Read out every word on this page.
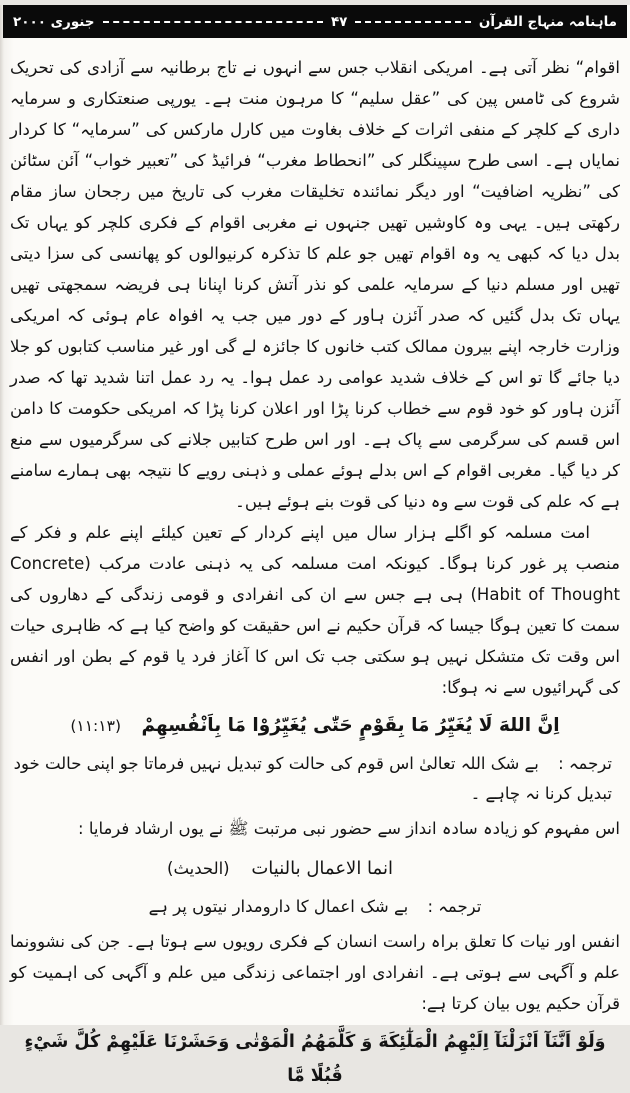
ماہنامہ منہاج القرآن
۴۷
جنوری ۲۰۰۰

اقوام“ نظر آتی ہے۔ امریکی انقلاب جس سے انہوں نے تاج برطانیہ سے آزادی کی تحریک شروع کی ٹامس پین کی ”عقل سلیم“ کا مرہون منت ہے۔ یورپی صنعتکاری و سرمایہ داری کے کلچر کے منفی اثرات کے خلاف بغاوت میں کارل مارکس کی ”سرمایہ“ کا کردار نمایاں ہے۔ اسی طرح سپینگلر کی ”انحطاط مغرب“ فرائیڈ کی ”تعبیر خواب“ آئن سٹائن کی ”نظریہ اضافیت“ اور دیگر نمائندہ تخلیقات مغرب کی تاریخ میں رجحان ساز مقام رکھتی ہیں۔ یہی وہ کاوشیں تھیں جنہوں نے مغربی اقوام کے فکری کلچر کو یہاں تک بدل دیا کہ کبھی یہ وہ اقوام تھیں جو علم کا تذکرہ کرنیوالوں کو پھانسی کی سزا دیتی تھیں اور مسلم دنیا کے سرمایہ علمی کو نذر آتش کرنا اپنانا ہی فریضہ سمجھتی تھیں یہاں تک بدل گئیں کہ صدر آئزن ہاور کے دور میں جب یہ افواہ عام ہوئی کہ امریکی وزارت خارجہ اپنے بیرون ممالک کتب خانوں کا جائزہ لے گی اور غیر مناسب کتابوں کو جلا دیا جائے گا تو اس کے خلاف شدید عوامی رد عمل ہوا۔ یہ رد عمل اتنا شدید تھا کہ صدر آئزن ہاور کو خود قوم سے خطاب کرنا پڑا اور اعلان کرنا پڑا کہ امریکی حکومت کا دامن اس قسم کی سرگرمی سے پاک ہے۔ اور اس طرح کتابیں جلانے کی سرگرمیوں سے منع کر دیا گیا۔ مغربی اقوام کے اس بدلے ہوئے عملی و ذہنی رویے کا نتیجہ بھی ہمارے سامنے ہے کہ علم کی قوت سے وہ دنیا کی قوت بنے ہوئے ہیں۔

امت مسلمہ کو اگلے ہزار سال میں اپنے کردار کے تعین کیلئے اپنے علم و فکر کے منصب پر غور کرنا ہوگا۔ کیونکہ امت مسلمہ کی یہ ذہنی عادت مرکب (Concrete Habit of Thought) ہی ہے جس سے ان کی انفرادی و قومی زندگی کے دھاروں کی سمت کا تعین ہوگا جیسا کہ قرآن حکیم نے اس حقیقت کو واضح کیا ہے کہ ظاہری حیات اس وقت تک متشکل نہیں ہو سکتی جب تک اس کا آغاز فرد یا قوم کے بطن اور انفس کی گہرائیوں سے نہ ہوگا:

اِنَّ اللهَ لَا يُغَيِّرُ مَا بِقَوْمٍ حَتّٰى يُغَيِّرُوْا مَا بِاَنْفُسِهِمْ (۱۱:۱۳)
ترجمہ : بے شک اللہ تعالیٰ اس قوم کی حالت کو تبدیل نہیں فرماتا جو اپنی حالت خود تبدیل کرنا نہ چاہے ۔

اس مفہوم کو زیادہ سادہ انداز سے حضور نبی مرتبت ﷺ نے یوں ارشاد فرمایا :

انما الاعمال بالنیات (الحدیث)
ترجمہ : بے شک اعمال کا دارومدار نیتوں پر ہے

انفس اور نیات کا تعلق براہ راست انسان کے فکری رویوں سے ہوتا ہے۔ جن کی نشوونما علم و آگہی سے ہوتی ہے۔ انفرادی اور اجتماعی زندگی میں علم و آگہی کی اہمیت کو قرآن حکیم یوں بیان کرتا ہے:

وَلَوْ اَنَّنَآ اَنْزَلْنَآ اِلَيْهِمُ الْمَلٰٓئِكَةَ وَ كَلَّمَهُمُ الْمَوْتٰى وَحَشَرْنَا عَلَيْهِمْ كُلَّ شَيْءٍ قُبُلًا مَّا
